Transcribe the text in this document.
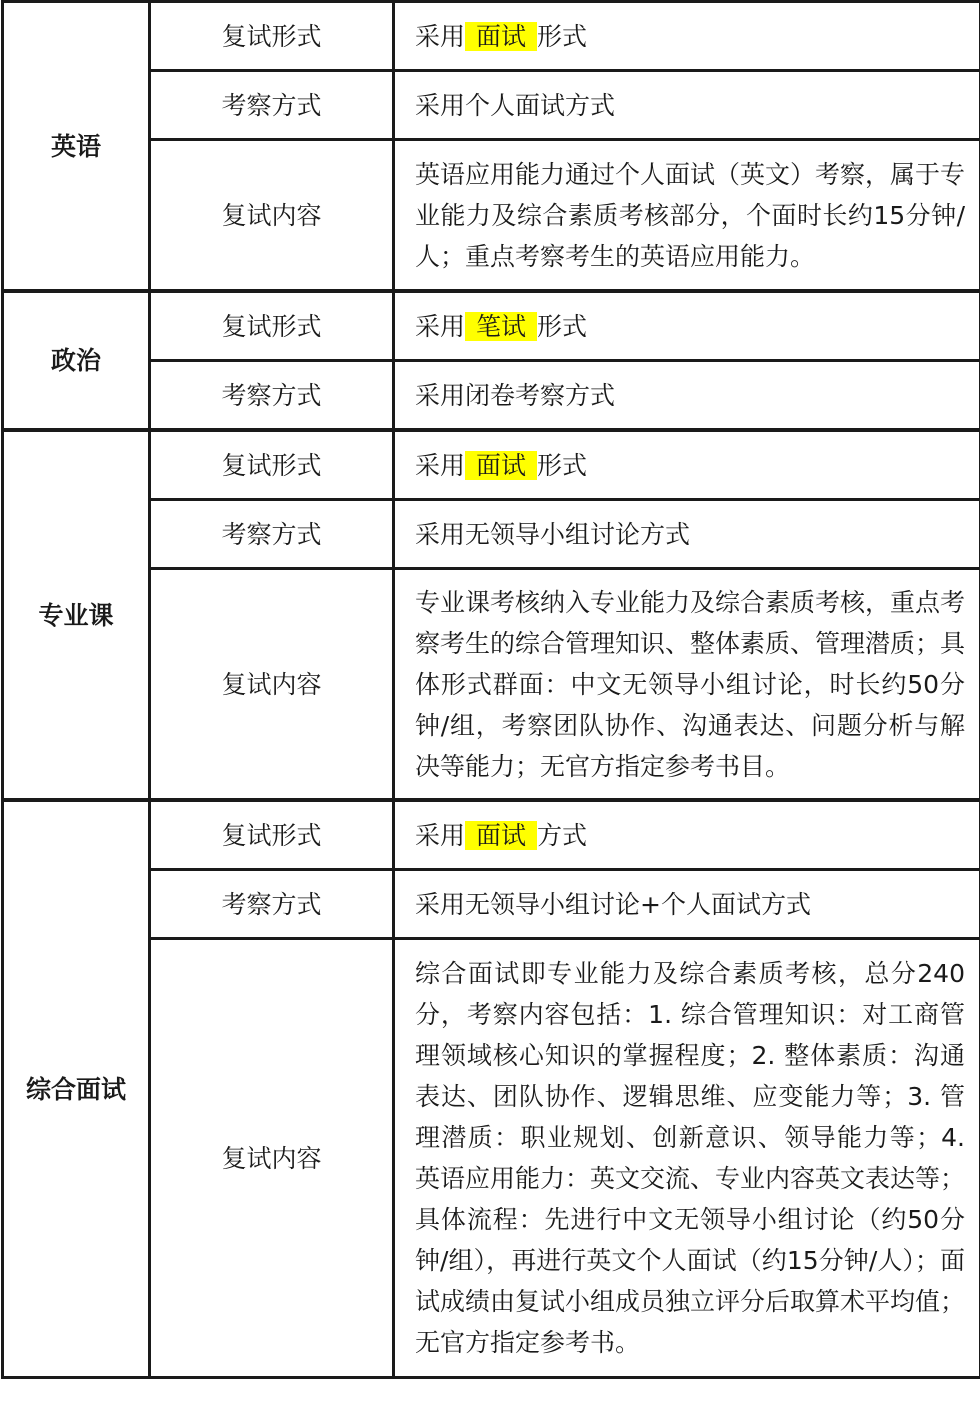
英语	复试形式	采用 面试 形式
	考察方式	采用个人面试方式
	复试内容	英语应用能力通过个人面试（英文）考察，属于专业能力及综合素质考核部分，个面时长约15分钟/人；重点考察考生的英语应用能力。
政治	复试形式	采用 笔试 形式
	考察方式	采用闭卷考察方式
专业课	复试形式	采用 面试 形式
	考察方式	采用无领导小组讨论方式
	复试内容	专业课考核纳入专业能力及综合素质考核，重点考察考生的综合管理知识、整体素质、管理潜质；具体形式群面：中文无领导小组讨论，时长约50分钟/组，考察团队协作、沟通表达、问题分析与解决等能力；无官方指定参考书目。
综合面试	复试形式	采用 面试 方式
	考察方式	采用无领导小组讨论+个人面试方式
	复试内容	综合面试即专业能力及综合素质考核，总分240分，考察内容包括：1. 综合管理知识：对工商管理领域核心知识的掌握程度；2. 整体素质：沟通表达、团队协作、逻辑思维、应变能力等；3. 管理潜质：职业规划、创新意识、领导能力等；4. 英语应用能力：英文交流、专业内容英文表达等；具体流程：先进行中文无领导小组讨论（约50分钟/组），再进行英文个人面试（约15分钟/人）；面试成绩由复试小组成员独立评分后取算术平均值；无官方指定参考书。
